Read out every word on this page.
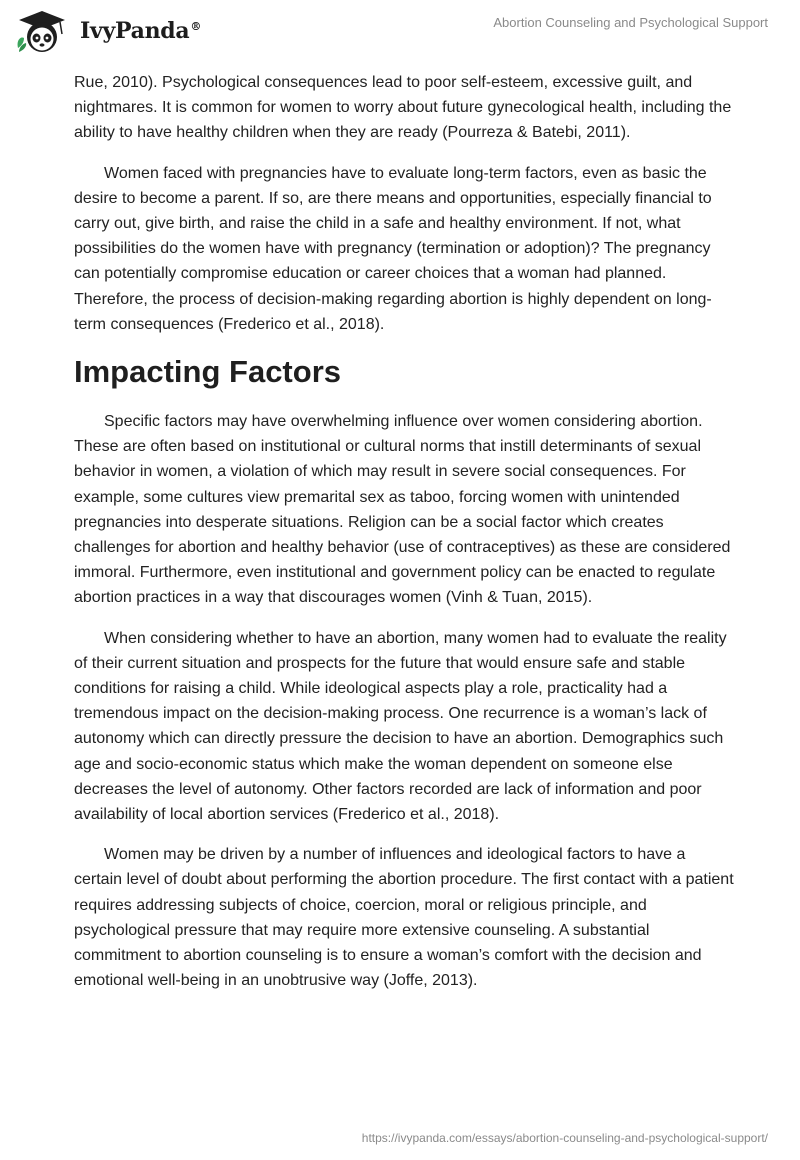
IvyPanda®	Abortion Counseling and Psychological Support

Rue, 2010). Psychological consequences lead to poor self-esteem, excessive guilt, and nightmares. It is common for women to worry about future gynecological health, including the ability to have healthy children when they are ready (Pourreza & Batebi, 2011).

Women faced with pregnancies have to evaluate long-term factors, even as basic the desire to become a parent. If so, are there means and opportunities, especially financial to carry out, give birth, and raise the child in a safe and healthy environment. If not, what possibilities do the women have with pregnancy (termination or adoption)? The pregnancy can potentially compromise education or career choices that a woman had planned. Therefore, the process of decision-making regarding abortion is highly dependent on long-term consequences (Frederico et al., 2018).

Impacting Factors

Specific factors may have overwhelming influence over women considering abortion. These are often based on institutional or cultural norms that instill determinants of sexual behavior in women, a violation of which may result in severe social consequences. For example, some cultures view premarital sex as taboo, forcing women with unintended pregnancies into desperate situations. Religion can be a social factor which creates challenges for abortion and healthy behavior (use of contraceptives) as these are considered immoral. Furthermore, even institutional and government policy can be enacted to regulate abortion practices in a way that discourages women (Vinh & Tuan, 2015).

When considering whether to have an abortion, many women had to evaluate the reality of their current situation and prospects for the future that would ensure safe and stable conditions for raising a child. While ideological aspects play a role, practicality had a tremendous impact on the decision-making process. One recurrence is a woman’s lack of autonomy which can directly pressure the decision to have an abortion. Demographics such age and socio-economic status which make the woman dependent on someone else decreases the level of autonomy. Other factors recorded are lack of information and poor availability of local abortion services (Frederico et al., 2018).

Women may be driven by a number of influences and ideological factors to have a certain level of doubt about performing the abortion procedure. The first contact with a patient requires addressing subjects of choice, coercion, moral or religious principle, and psychological pressure that may require more extensive counseling. A substantial commitment to abortion counseling is to ensure a woman’s comfort with the decision and emotional well-being in an unobtrusive way (Joffe, 2013).

https://ivypanda.com/essays/abortion-counseling-and-psychological-support/
